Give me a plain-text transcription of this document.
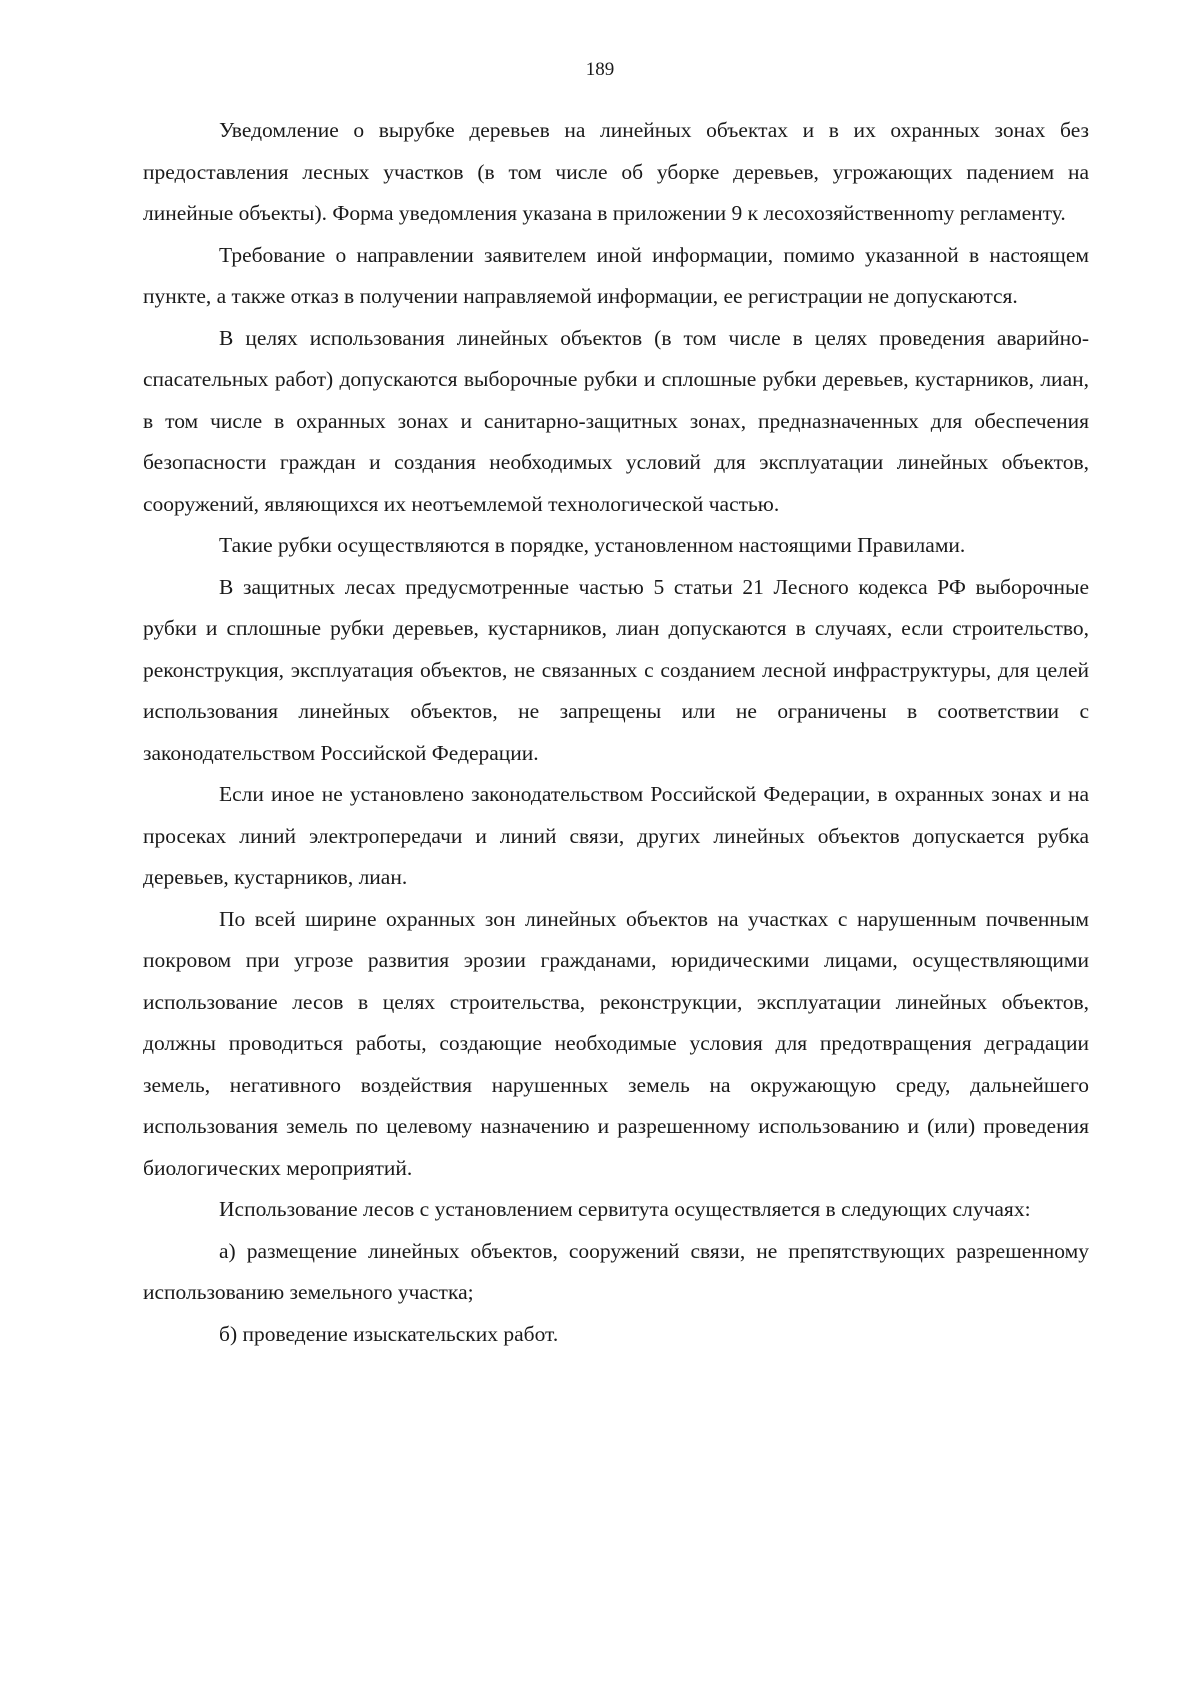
189

Уведомление о вырубке деревьев на линейных объектах и в их охранных зонах без предоставления лесных участков (в том числе об уборке деревьев, угрожающих падением на линейные объекты). Форма уведомления указана в приложении 9 к лесохозяйственноmу регламенту.

Требование о направлении заявителем иной информации, помимо указанной в настоящем пункте, а также отказ в получении направляемой информации, ее регистрации не допускаются.

В целях использования линейных объектов (в том числе в целях проведения аварийно-спасательных работ) допускаются выборочные рубки и сплошные рубки деревьев, кустарников, лиан, в том числе в охранных зонах и санитарно-защитных зонах, предназначенных для обеспечения безопасности граждан и создания необходимых условий для эксплуатации линейных объектов, сооружений, являющихся их неотъемлемой технологической частью.

Такие рубки осуществляются в порядке, установленном настоящими Правилами.

В защитных лесах предусмотренные частью 5 статьи 21 Лесного кодекса РФ выборочные рубки и сплошные рубки деревьев, кустарников, лиан допускаются в случаях, если строительство, реконструкция, эксплуатация объектов, не связанных с созданием лесной инфраструктуры, для целей использования линейных объектов, не запрещены или не ограничены в соответствии с законодательством Российской Федерации.

Если иное не установлено законодательством Российской Федерации, в охранных зонах и на просеках линий электропередачи и линий связи, других линейных объектов допускается рубка деревьев, кустарников, лиан.

По всей ширине охранных зон линейных объектов на участках с нарушенным почвенным покровом при угрозе развития эрозии гражданами, юридическими лицами, осуществляющими использование лесов в целях строительства, реконструкции, эксплуатации линейных объектов, должны проводиться работы, создающие необходимые условия для предотвращения деградации земель, негативного воздействия нарушенных земель на окружающую среду, дальнейшего использования земель по целевому назначению и разрешенному использованию и (или) проведения биологических мероприятий.

Использование лесов с установлением сервитута осуществляется в следующих случаях:

а) размещение линейных объектов, сооружений связи, не препятствующих разрешенному использованию земельного участка;

б) проведение изыскательских работ.
